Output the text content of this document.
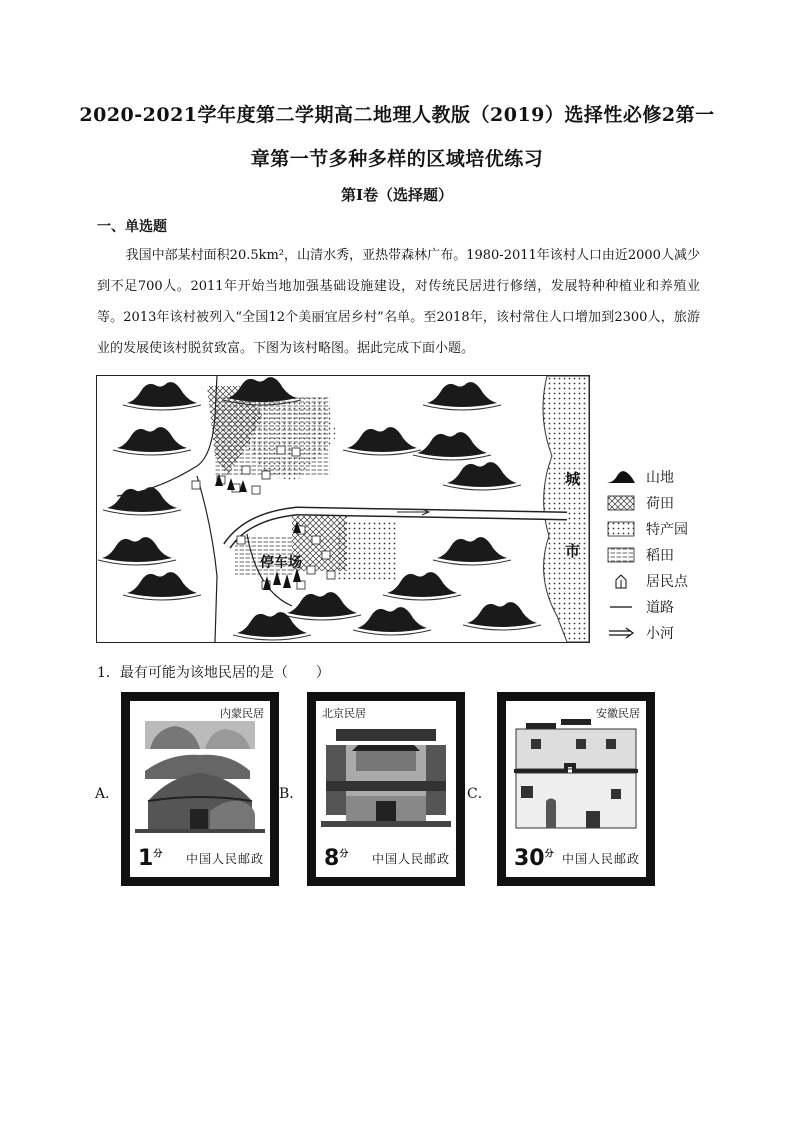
2020-2021学年度第二学期高二地理人教版（2019）选择性必修2第一
章第一节多种多样的区域培优练习
第I卷（选择题）
一、单选题
我国中部某村面积20.5km²，山清水秀，亚热带森林广布。1980-2011年该村人口由近2000人减少到不足700人。2011年开始当地加强基础设施建设，对传统民居进行修缮，发展特种种植业和养殖业等。2013年该村被列入“全国12个美丽宜居乡村”名单。至2018年，该村常住人口增加到2300人，旅游业的发展使该村脱贫致富。下图为该村略图。据此完成下面小题。
城
市
停车场
山地
荷田
特产园
稻田
居民点
道路
小河
1．最有可能为该地民居的是（　　）
A．	B．	C．
内蒙民居
$1^分$ 中国人民邮政
北京民居
$8^分$ 中国人民邮政
安徽民居
$30^分$ 中国人民邮政
